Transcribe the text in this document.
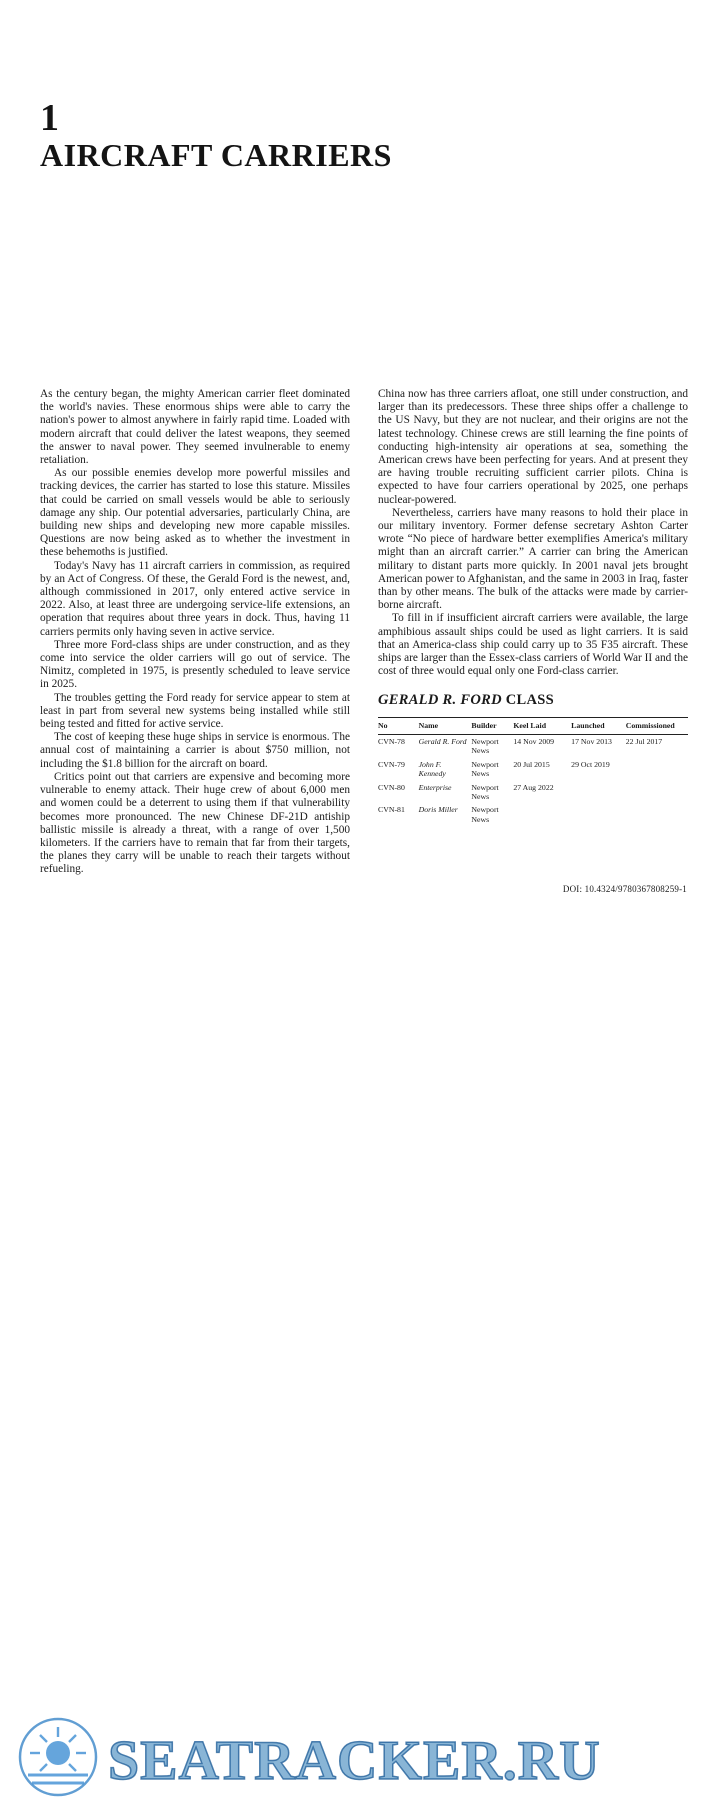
1
AIRCRAFT CARRIERS

As the century began, the mighty American carrier fleet dominated the world's navies. These enormous ships were able to carry the nation's power to almost anywhere in fairly rapid time. Loaded with modern aircraft that could deliver the latest weapons, they seemed the answer to naval power. They seemed invulnerable to enemy retaliation.

As our possible enemies develop more powerful missiles and tracking devices, the carrier has started to lose this stature. Missiles that could be carried on small vessels would be able to seriously damage any ship. Our potential adversaries, particularly China, are building new ships and developing new more capable missiles. Questions are now being asked as to whether the investment in these behemoths is justified.

Today's Navy has 11 aircraft carriers in commission, as required by an Act of Congress. Of these, the Gerald Ford is the newest, and, although commissioned in 2017, only entered active service in 2022. Also, at least three are undergoing service-life extensions, an operation that requires about three years in dock. Thus, having 11 carriers permits only having seven in active service.

Three more Ford-class ships are under construction, and as they come into service the older carriers will go out of service. The Nimitz, completed in 1975, is presently scheduled to leave service in 2025.

The troubles getting the Ford ready for service appear to stem at least in part from several new systems being installed while still being tested and fitted for active service.

The cost of keeping these huge ships in service is enormous. The annual cost of maintaining a carrier is about $750 million, not including the $1.8 billion for the aircraft on board.

Critics point out that carriers are expensive and becoming more vulnerable to enemy attack. Their huge crew of about 6,000 men and women could be a deterrent to using them if that vulnerability becomes more pronounced. The new Chinese DF-21D antiship ballistic missile is already a threat, with a range of over 1,500 kilometers. If the carriers have to remain that far from their targets, the planes they carry will be unable to reach their targets without refueling.

China now has three carriers afloat, one still under construction, and larger than its predecessors. These three ships offer a challenge to the US Navy, but they are not nuclear, and their origins are not the latest technology. Chinese crews are still learning the fine points of conducting high-intensity air operations at sea, something the American crews have been perfecting for years. And at present they are having trouble recruiting sufficient carrier pilots. China is expected to have four carriers operational by 2025, one perhaps nuclear-powered.

Nevertheless, carriers have many reasons to hold their place in our military inventory. Former defense secretary Ashton Carter wrote “No piece of hardware better exemplifies America's military might than an aircraft carrier.” A carrier can bring the American military to distant parts more quickly. In 2001 naval jets brought American power to Afghanistan, and the same in 2003 in Iraq, faster than by other means. The bulk of the attacks were made by carrier-borne aircraft.

To fill in if insufficient aircraft carriers were available, the large amphibious assault ships could be used as light carriers. It is said that an America-class ship could carry up to 35 F35 aircraft. These ships are larger than the Essex-class carriers of World War II and the cost of three would equal only one Ford-class carrier.

GERALD R. FORD CLASS
No	Name	Builder	Keel Laid	Launched	Commissioned
CVN-78	Gerald R. Ford	Newport News	14 Nov 2009	17 Nov 2013	22 Jul 2017
CVN-79	John F. Kennedy	Newport News	20 Jul 2015	29 Oct 2019	
CVN-80	Enterprise	Newport News	27 Aug 2022		
CVN-81	Doris Miller	Newport News			
DOI: 10.4324/9780367808259-1
SEATRACKER.RU
